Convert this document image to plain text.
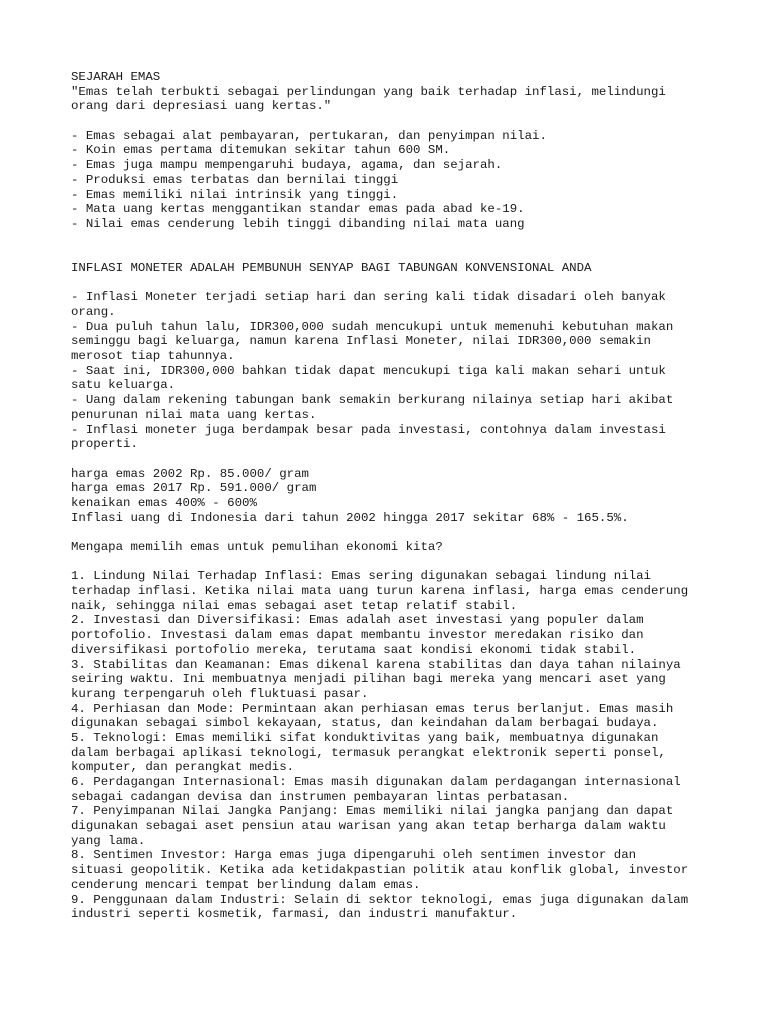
SEJARAH EMAS
"Emas telah terbukti sebagai perlindungan yang baik terhadap inflasi, melindungi
orang dari depresiasi uang kertas."
- Emas sebagai alat pembayaran, pertukaran, dan penyimpan nilai.
- Koin emas pertama ditemukan sekitar tahun 600 SM.
- Emas juga mampu mempengaruhi budaya, agama, dan sejarah.
- Produksi emas terbatas dan bernilai tinggi
- Emas memiliki nilai intrinsik yang tinggi.
- Mata uang kertas menggantikan standar emas pada abad ke-19.
- Nilai emas cenderung lebih tinggi dibanding nilai mata uang
INFLASI MONETER ADALAH PEMBUNUH SENYAP BAGI TABUNGAN KONVENSIONAL ANDA
- Inflasi Moneter terjadi setiap hari dan sering kali tidak disadari oleh banyak
orang.
- Dua puluh tahun lalu, IDR300,000 sudah mencukupi untuk memenuhi kebutuhan makan
seminggu bagi keluarga, namun karena Inflasi Moneter, nilai IDR300,000 semakin
merosot tiap tahunnya.
- Saat ini, IDR300,000 bahkan tidak dapat mencukupi tiga kali makan sehari untuk
satu keluarga.
- Uang dalam rekening tabungan bank semakin berkurang nilainya setiap hari akibat
penurunan nilai mata uang kertas.
- Inflasi moneter juga berdampak besar pada investasi, contohnya dalam investasi
properti.
harga emas 2002 Rp. 85.000/ gram
harga emas 2017 Rp. 591.000/ gram
kenaikan emas 400% - 600%
Inflasi uang di Indonesia dari tahun 2002 hingga 2017 sekitar 68% - 165.5%.
Mengapa memilih emas untuk pemulihan ekonomi kita?
1. Lindung Nilai Terhadap Inflasi: Emas sering digunakan sebagai lindung nilai
terhadap inflasi. Ketika nilai mata uang turun karena inflasi, harga emas cenderung
naik, sehingga nilai emas sebagai aset tetap relatif stabil.
2. Investasi dan Diversifikasi: Emas adalah aset investasi yang populer dalam
portofolio. Investasi dalam emas dapat membantu investor meredakan risiko dan
diversifikasi portofolio mereka, terutama saat kondisi ekonomi tidak stabil.
3. Stabilitas dan Keamanan: Emas dikenal karena stabilitas dan daya tahan nilainya
seiring waktu. Ini membuatnya menjadi pilihan bagi mereka yang mencari aset yang
kurang terpengaruh oleh fluktuasi pasar.
4. Perhiasan dan Mode: Permintaan akan perhiasan emas terus berlanjut. Emas masih
digunakan sebagai simbol kekayaan, status, dan keindahan dalam berbagai budaya.
5. Teknologi: Emas memiliki sifat konduktivitas yang baik, membuatnya digunakan
dalam berbagai aplikasi teknologi, termasuk perangkat elektronik seperti ponsel,
komputer, dan perangkat medis.
6. Perdagangan Internasional: Emas masih digunakan dalam perdagangan internasional
sebagai cadangan devisa dan instrumen pembayaran lintas perbatasan.
7. Penyimpanan Nilai Jangka Panjang: Emas memiliki nilai jangka panjang dan dapat
digunakan sebagai aset pensiun atau warisan yang akan tetap berharga dalam waktu
yang lama.
8. Sentimen Investor: Harga emas juga dipengaruhi oleh sentimen investor dan
situasi geopolitik. Ketika ada ketidakpastian politik atau konflik global, investor
cenderung mencari tempat berlindung dalam emas.
9. Penggunaan dalam Industri: Selain di sektor teknologi, emas juga digunakan dalam
industri seperti kosmetik, farmasi, dan industri manufaktur.
